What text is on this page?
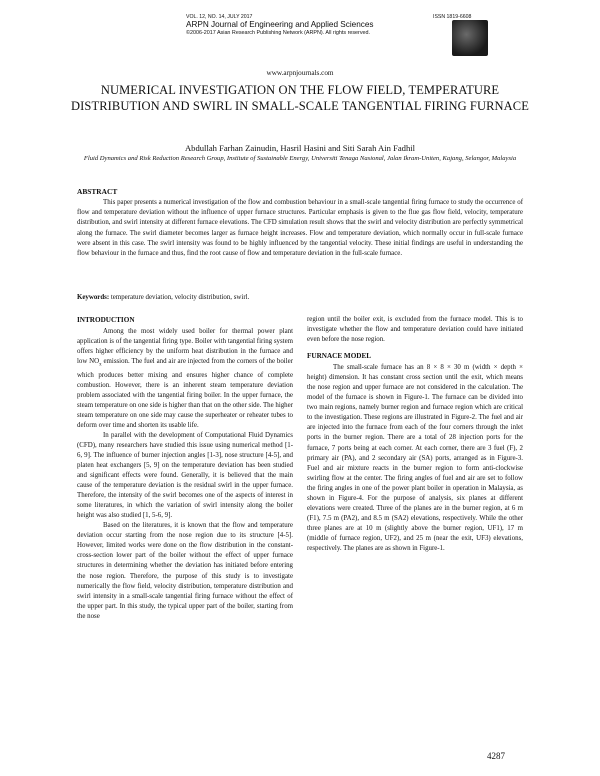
VOL. 12, NO. 14, JULY 2017	ISSN 1819-6608
ARPN Journal of Engineering and Applied Sciences
©2006-2017 Asian Research Publishing Network (ARPN). All rights reserved.
www.arpnjournals.com
NUMERICAL INVESTIGATION ON THE FLOW FIELD, TEMPERATURE DISTRIBUTION AND SWIRL IN SMALL-SCALE TANGENTIAL FIRING FURNACE
Abdullah Farhan Zainudin, Hasril Hasini and Siti Sarah Ain Fadhil
Fluid Dynamics and Risk Reduction Research Group, Institute of Sustainable Energy, Universiti Tenaga Nasional, Jalan Ikram-Uniten, Kajang, Selangor, Malaysia
ABSTRACT

This paper presents a numerical investigation of the flow and combustion behaviour in a small-scale tangential firing furnace to study the occurrence of flow and temperature deviation without the influence of upper furnace structures. Particular emphasis is given to the flue gas flow field, velocity, temperature distribution, and swirl intensity at different furnace elevations. The CFD simulation result shows that the swirl and velocity distribution are perfectly symmetrical along the furnace. The swirl diameter becomes larger as furnace height increases. Flow and temperature deviation, which normally occur in full-scale furnace were absent in this case. The swirl intensity was found to be highly influenced by the tangential velocity. These initial findings are useful in understanding the flow behaviour in the furnace and thus, find the root cause of flow and temperature deviation in the full-scale furnace.

Keywords: temperature deviation, velocity distribution, swirl.
INTRODUCTION

Among the most widely used boiler for thermal power plant application is of the tangential firing type. Boiler with tangential firing system offers higher efficiency by the uniform heat distribution in the furnace and low $NO_x$ emission. The fuel and air are injected from the corners of the boiler which produces better mixing and ensures higher chance of complete combustion. However, there is an inherent steam temperature deviation problem associated with the tangential firing boiler. In the upper furnace, the steam temperature on one side is higher than that on the other side. The higher steam temperature on one side may cause the superheater or reheater tubes to deform over time and shorten its usable life.

In parallel with the development of Computational Fluid Dynamics (CFD), many researchers have studied this issue using numerical method [1-6, 9]. The influence of burner injection angles [1-3], nose structure [4-5], and platen heat exchangers [5, 9] on the temperature deviation has been studied and significant effects were found. Generally, it is believed that the main cause of the temperature deviation is the residual swirl in the upper furnace. Therefore, the intensity of the swirl becomes one of the aspects of interest in some literatures, in which the variation of swirl intensity along the boiler height was also studied [1, 5-6, 9].

Based on the literatures, it is known that the flow and temperature deviation occur starting from the nose region due to its structure [4-5]. However, limited works were done on the flow distribution in the constant-cross-section lower part of the boiler without the effect of upper furnace structures in determining whether the deviation has initiated before entering the nose region. Therefore, the purpose of this study is to investigate numerically the flow field, velocity distribution, temperature distribution and swirl intensity in a small-scale tangential firing furnace without the effect of the upper part. In this study, the typical upper part of the boiler, starting from the nose

region until the boiler exit, is excluded from the furnace model. This is to investigate whether the flow and temperature deviation could have initiated even before the nose region.

FURNACE MODEL

The small-scale furnace has an 8 × 8 × 30 m (width × depth × height) dimension. It has constant cross section until the exit, which means the nose region and upper furnace are not considered in the calculation. The model of the furnace is shown in Figure-1. The furnace can be divided into two main regions, namely burner region and furnace region which are critical to the investigation. These regions are illustrated in Figure-2. The fuel and air are injected into the furnace from each of the four corners through the inlet ports in the burner region. There are a total of 28 injection ports for the furnace, 7 ports being at each corner. At each corner, there are 3 fuel (F), 2 primary air (PA), and 2 secondary air (SA) ports, arranged as in Figure-3. Fuel and air mixture reacts in the burner region to form anti-clockwise swirling flow at the center. The firing angles of fuel and air are set to follow the firing angles in one of the power plant boiler in operation in Malaysia, as shown in Figure-4. For the purpose of analysis, six planes at different elevations were created. Three of the planes are in the burner region, at 6 m (F1), 7.5 m (PA2), and 8.5 m (SA2) elevations, respectively. While the other three planes are at 10 m (slightly above the burner region, UF1), 17 m (middle of furnace region, UF2), and 25 m (near the exit, UF3) elevations, respectively. The planes are as shown in Figure-1.

4287
